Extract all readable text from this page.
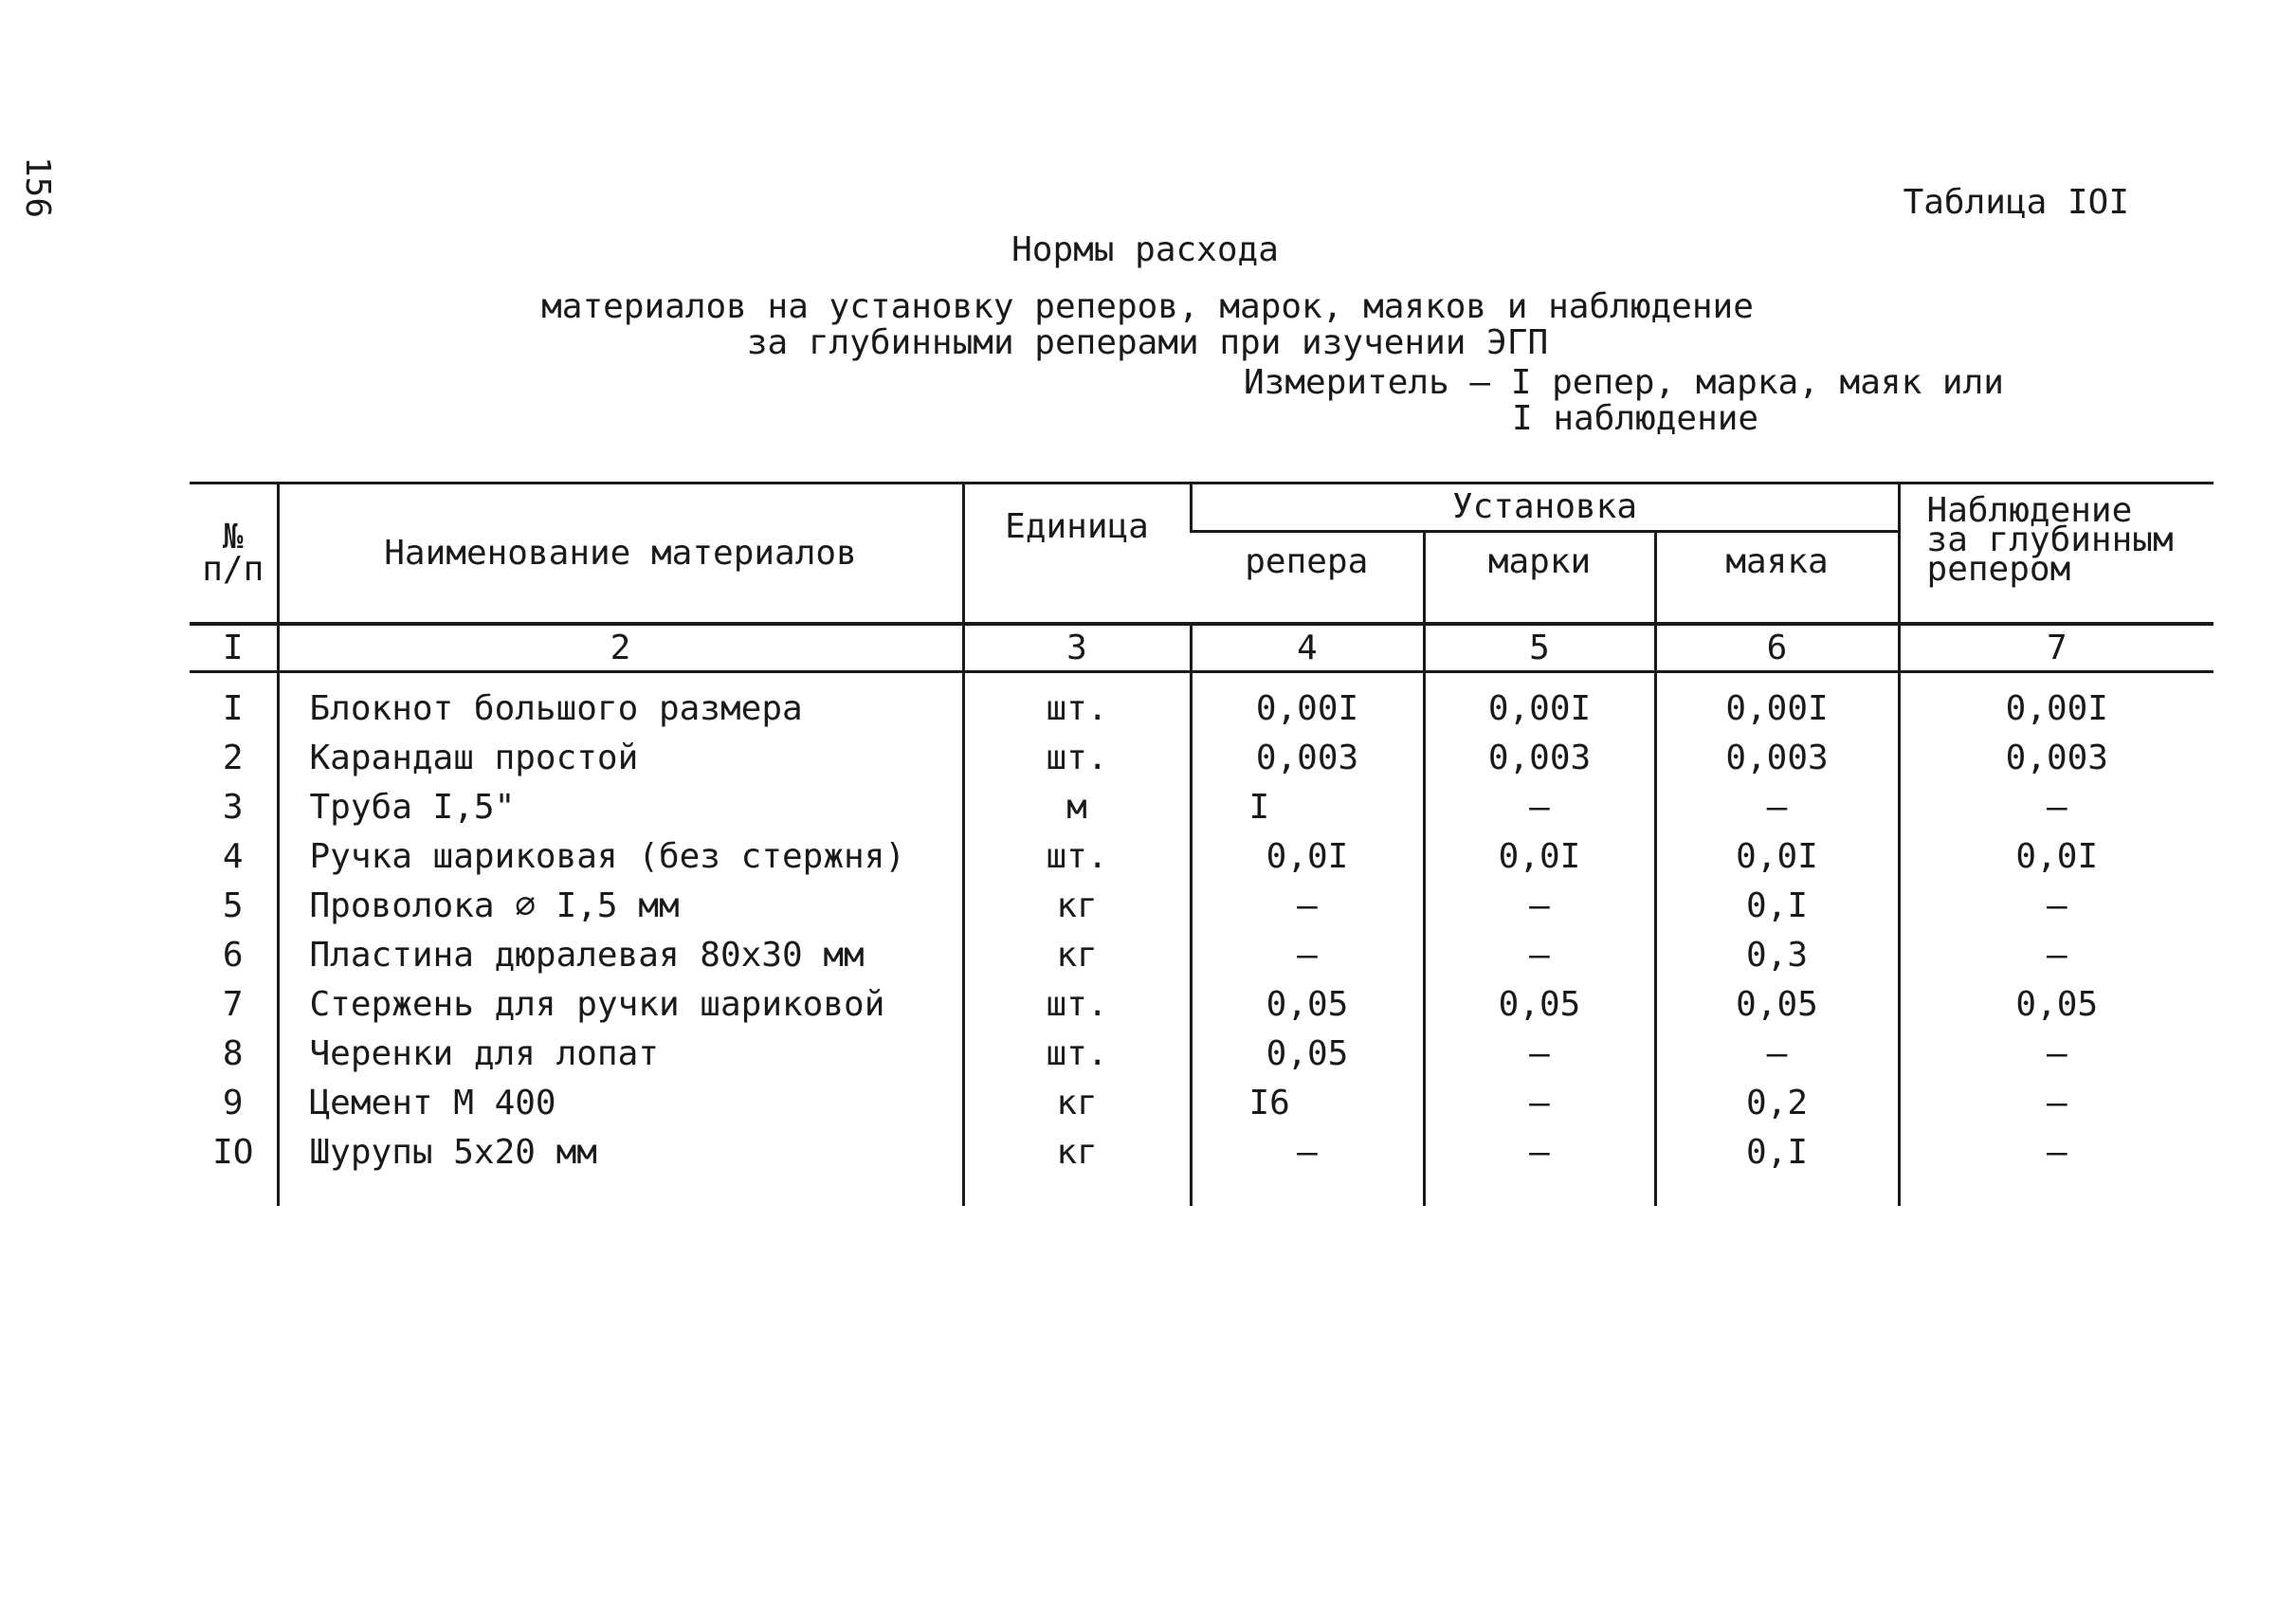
156	Таблица IOI
Нормы расхода
материалов на установку реперов, марок, маяков и наблюдение
за глубинными реперами при изучении ЭГП
Измеритель – I репер, марка, маяк или
I наблюдение
№
п/п	Наименование материалов	Единица	Установка			Наблюдение
за глубинным
репером

			репера	марки	маяка	
I	2	3	4	5	6	7
I	Блокнот большого размера	шт.	0,00I	0,00I	0,00I	0,00I
2	Карандаш простой	шт.	0,003	0,003	0,003	0,003
3	Труба I,5"	м	I	–	–	–
4	Ручка шариковая (без стержня)	шт.	0,0I	0,0I	0,0I	0,0I
5	Проволока ∅ I,5 мм	кг	–	–	0,I	–
6	Пластина дюралевая 80х30 мм	кг	–	–	0,3	–
7	Стержень для ручки шариковой	шт.	0,05	0,05	0,05	0,05
8	Черенки для лопат	шт.	0,05	–	–	–
9	Цемент М 400	кг	I6	–	0,2	–
IO	Шурупы 5х20 мм	кг	–	–	0,I	–
